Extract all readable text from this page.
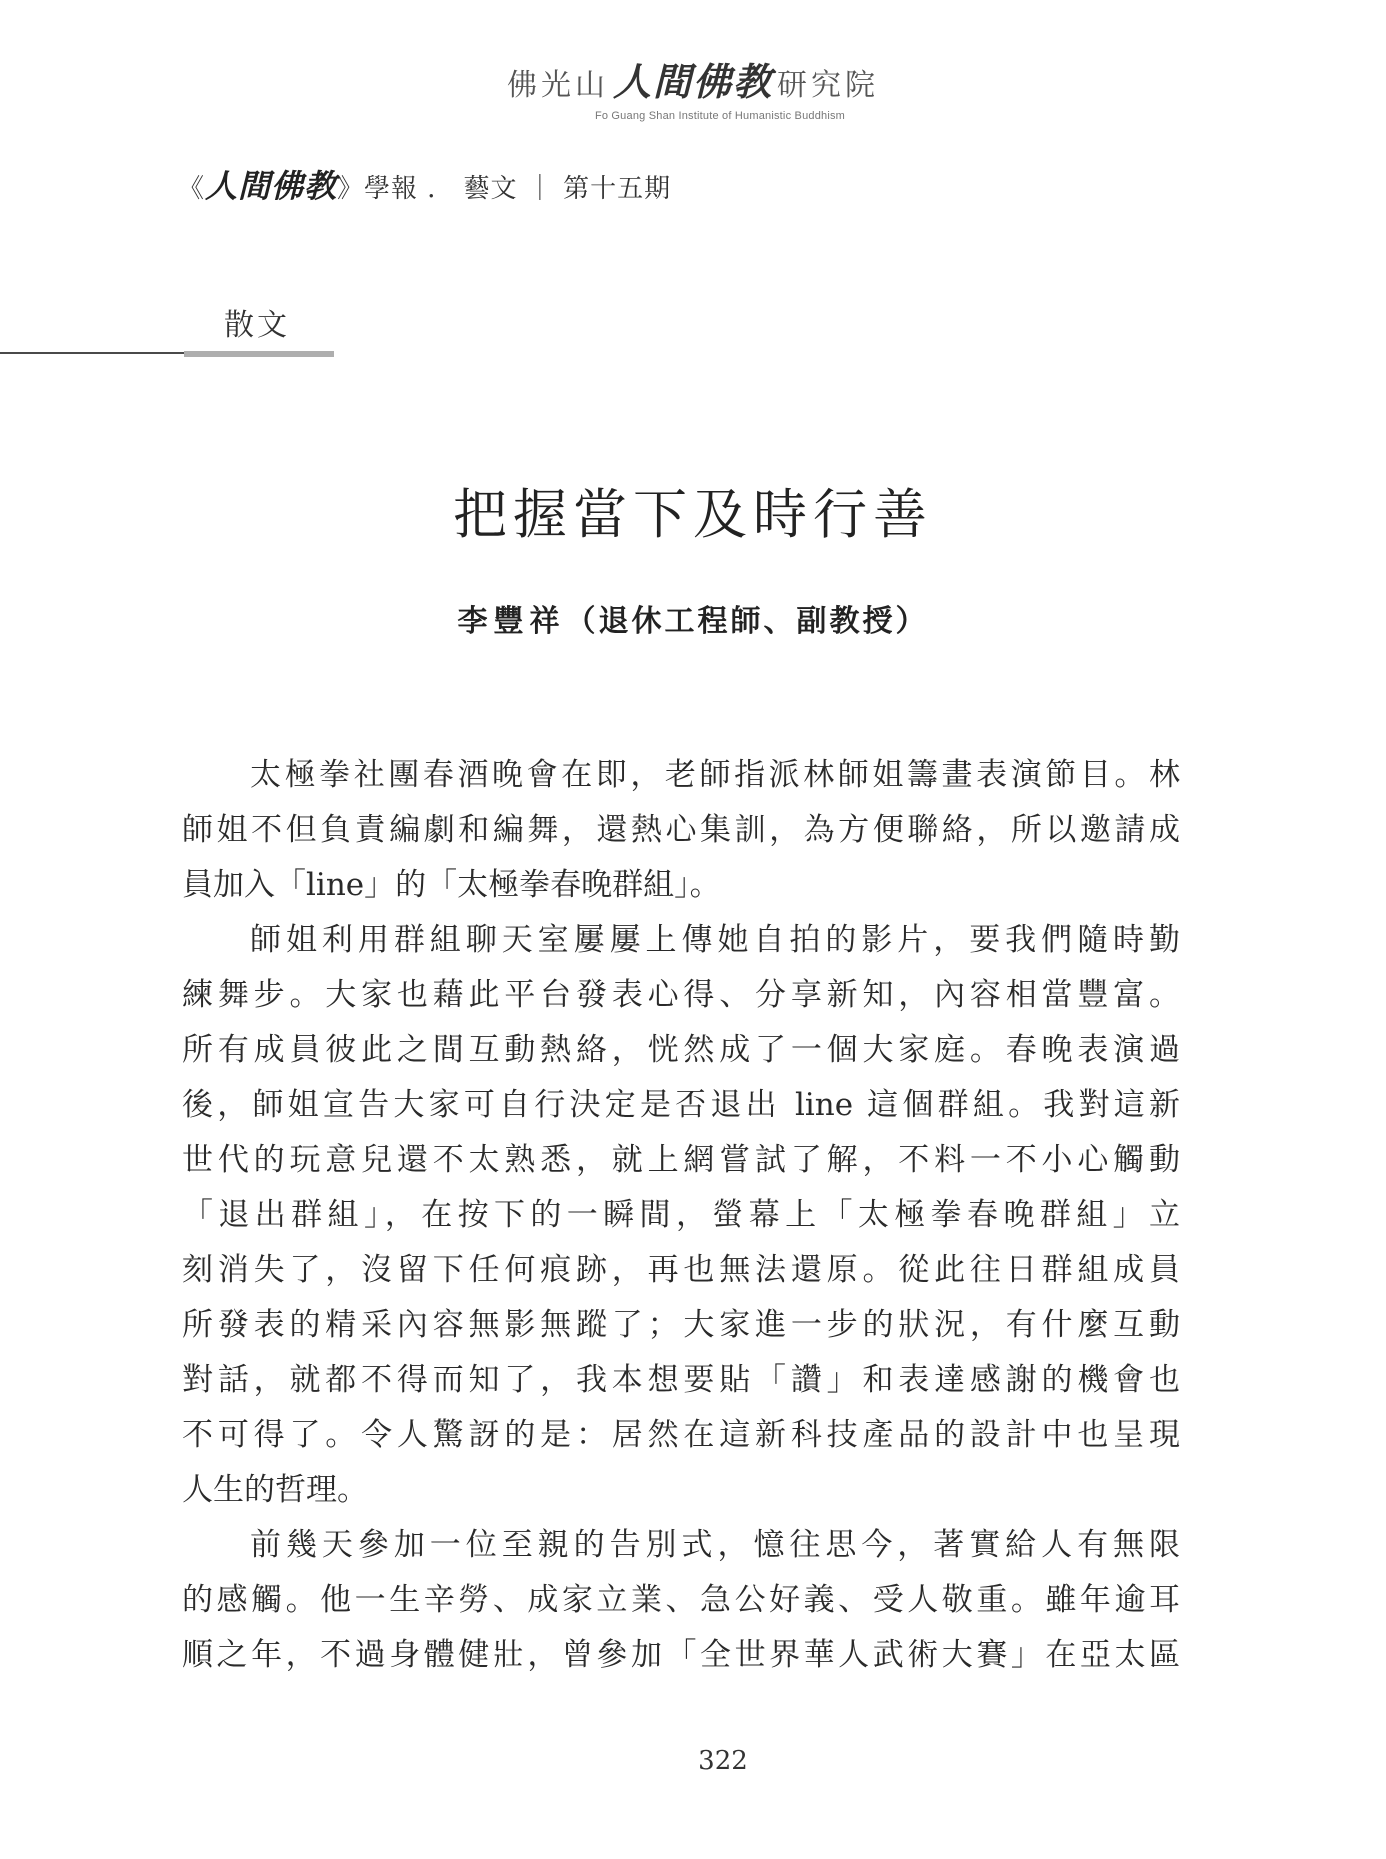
佛光山 人間佛教 研究院
Fo Guang Shan Institute of Humanistic Buddhism
《人間佛教》學報 ． 藝文 ｜ 第十五期
散文
把握當下及時行善
李豐祥（退休工程師、副教授）
太極拳社團春酒晚會在即，老師指派林師姐籌畫表演節目。林
師姐不但負責編劇和編舞，還熱心集訓，為方便聯絡，所以邀請成
員加入「line」的「太極拳春晚群組」。
師姐利用群組聊天室屢屢上傳她自拍的影片，要我們隨時勤
練舞步。大家也藉此平台發表心得、分享新知，內容相當豐富。
所有成員彼此之間互動熱絡，恍然成了一個大家庭。春晚表演過
後，師姐宣告大家可自行決定是否退出 line 這個群組。我對這新
世代的玩意兒還不太熟悉，就上網嘗試了解，不料一不小心觸動
「退出群組」，在按下的一瞬間，螢幕上「太極拳春晚群組」立
刻消失了，沒留下任何痕跡，再也無法還原。從此往日群組成員
所發表的精采內容無影無蹤了；大家進一步的狀況，有什麼互動
對話，就都不得而知了，我本想要貼「讚」和表達感謝的機會也
不可得了。令人驚訝的是：居然在這新科技產品的設計中也呈現
人生的哲理。
前幾天參加一位至親的告別式，憶往思今，著實給人有無限
的感觸。他一生辛勞、成家立業、急公好義、受人敬重。雖年逾耳
順之年，不過身體健壯，曾參加「全世界華人武術大賽」在亞太區
322
